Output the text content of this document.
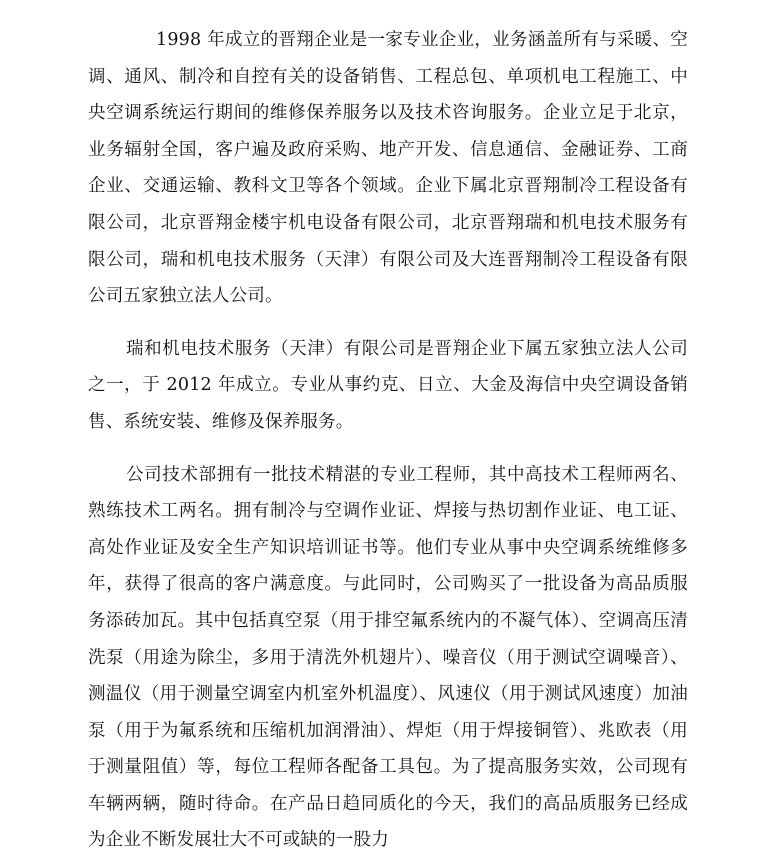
1998 年成立的晋翔企业是一家专业企业，业务涵盖所有与采暖、空调、通风、制冷和自控有关的设备销售、工程总包、单项机电工程施工、中央空调系统运行期间的维修保养服务以及技术咨询服务。企业立足于北京，业务辐射全国，客户遍及政府采购、地产开发、信息通信、金融证券、工商企业、交通运输、教科文卫等各个领域。企业下属北京晋翔制冷工程设备有限公司，北京晋翔金楼宇机电设备有限公司，北京晋翔瑞和机电技术服务有限公司，瑞和机电技术服务（天津）有限公司及大连晋翔制冷工程设备有限公司五家独立法人公司。

瑞和机电技术服务（天津）有限公司是晋翔企业下属五家独立法人公司之一，于 2012 年成立。专业从事约克、日立、大金及海信中央空调设备销售、系统安装、维修及保养服务。

公司技术部拥有一批技术精湛的专业工程师，其中高技术工程师两名、熟练技术工两名。拥有制冷与空调作业证、焊接与热切割作业证、电工证、高处作业证及安全生产知识培训证书等。他们专业从事中央空调系统维修多年，获得了很高的客户满意度。与此同时，公司购买了一批设备为高品质服务添砖加瓦。其中包括真空泵（用于排空氟系统内的不凝气体）、空调高压清洗泵（用途为除尘，多用于清洗外机翅片）、噪音仪（用于测试空调噪音）、测温仪（用于测量空调室内机室外机温度）、风速仪（用于测试风速度）加油泵（用于为氟系统和压缩机加润滑油）、焊炬（用于焊接铜管）、兆欧表（用于测量阻值）等，每位工程师各配备工具包。为了提高服务实效，公司现有车辆两辆，随时待命。在产品日趋同质化的今天，我们的高品质服务已经成为企业不断发展壮大不可或缺的一股力
